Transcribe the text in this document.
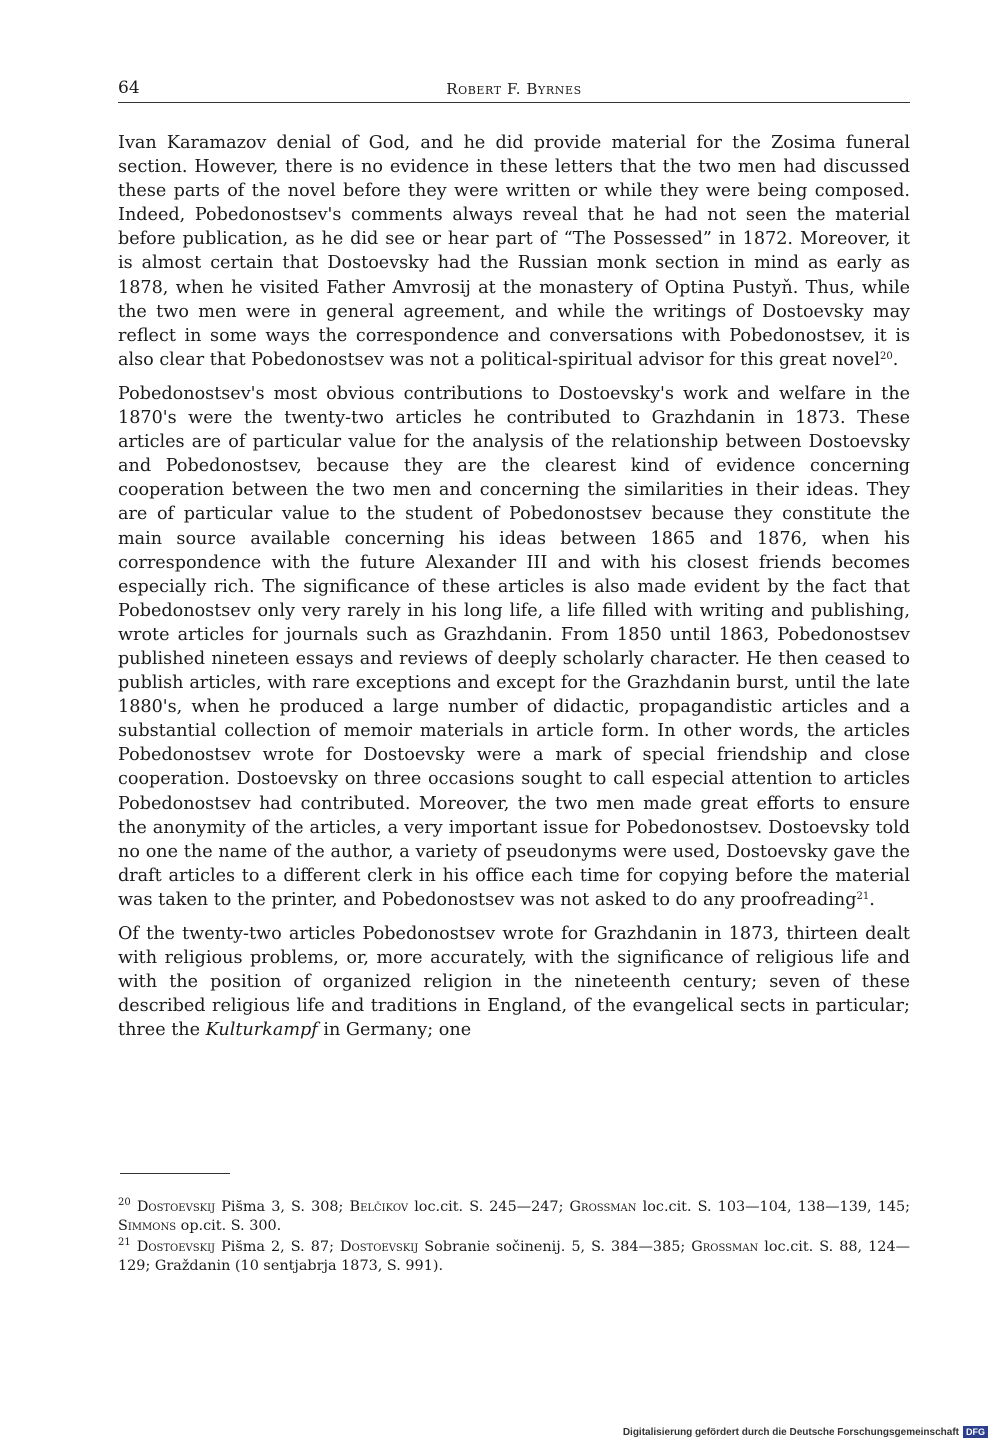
64	Robert F. Byrnes

Ivan Karamazov denial of God, and he did provide material for the Zosima funeral section. However, there is no evidence in these letters that the two men had discussed these parts of the novel before they were written or while they were being composed. Indeed, Pobedonostsev's comments always reveal that he had not seen the material before publication, as he did see or hear part of “The Possessed” in 1872. Moreover, it is almost certain that Dostoevsky had the Russian monk section in mind as early as 1878, when he visited Father Amvrosij at the monastery of Optina Pustyň. Thus, while the two men were in general agreement, and while the writings of Dostoevsky may reflect in some ways the correspondence and conversations with Pobedonostsev, it is also clear that Pobedonostsev was not a political-spiritual advisor for this great novel$^{20}$.

Pobedonostsev's most obvious contributions to Dostoevsky's work and welfare in the 1870's were the twenty-two articles he contributed to Grazhdanin in 1873. These articles are of particular value for the analysis of the relationship between Dostoevsky and Pobedonostsev, because they are the clearest kind of evidence concerning cooperation between the two men and concerning the similarities in their ideas. They are of particular value to the student of Pobedonostsev because they constitute the main source available concerning his ideas between 1865 and 1876, when his correspondence with the future Alexander III and with his closest friends becomes especially rich. The significance of these articles is also made evident by the fact that Pobedonostsev only very rarely in his long life, a life filled with writing and publishing, wrote articles for journals such as Grazhdanin. From 1850 until 1863, Pobedonostsev published nineteen essays and reviews of deeply scholarly character. He then ceased to publish articles, with rare exceptions and except for the Grazhdanin burst, until the late 1880's, when he produced a large number of didactic, propagandistic articles and a substantial collection of memoir materials in article form. In other words, the articles Pobedonostsev wrote for Dostoevsky were a mark of special friendship and close cooperation. Dostoevsky on three occasions sought to call especial attention to articles Pobedonostsev had contributed. Moreover, the two men made great efforts to ensure the anonymity of the articles, a very important issue for Pobedonostsev. Dostoevsky told no one the name of the author, a variety of pseudonyms were used, Dostoevsky gave the draft articles to a different clerk in his office each time for copying before the material was taken to the printer, and Pobedonostsev was not asked to do any proofreading$^{21}$.

Of the twenty-two articles Pobedonostsev wrote for Grazhdanin in 1873, thirteen dealt with religious problems, or, more accurately, with the significance of religious life and with the position of organized religion in the nineteenth century; seven of these described religious life and traditions in England, of the evangelical sects in particular; three the Kulturkampf in Germany; one

$^{20}$ Dostoevskij Pis̆ma 3, S. 308; Belčikov loc.cit. S. 245—247; Grossman loc.cit. S. 103—104, 138—139, 145; Simmons op.cit. S. 300.

$^{21}$ Dostoevskij Pis̆ma 2, S. 87; Dostoevskij Sobranie sočinenij. 5, S. 384—385; Grossman loc.cit. S. 88, 124—129; Graždanin (10 sentjabrja 1873, S. 991).

Digitalisierung gefördert durch die Deutsche Forschungsgemeinschaft DFG
